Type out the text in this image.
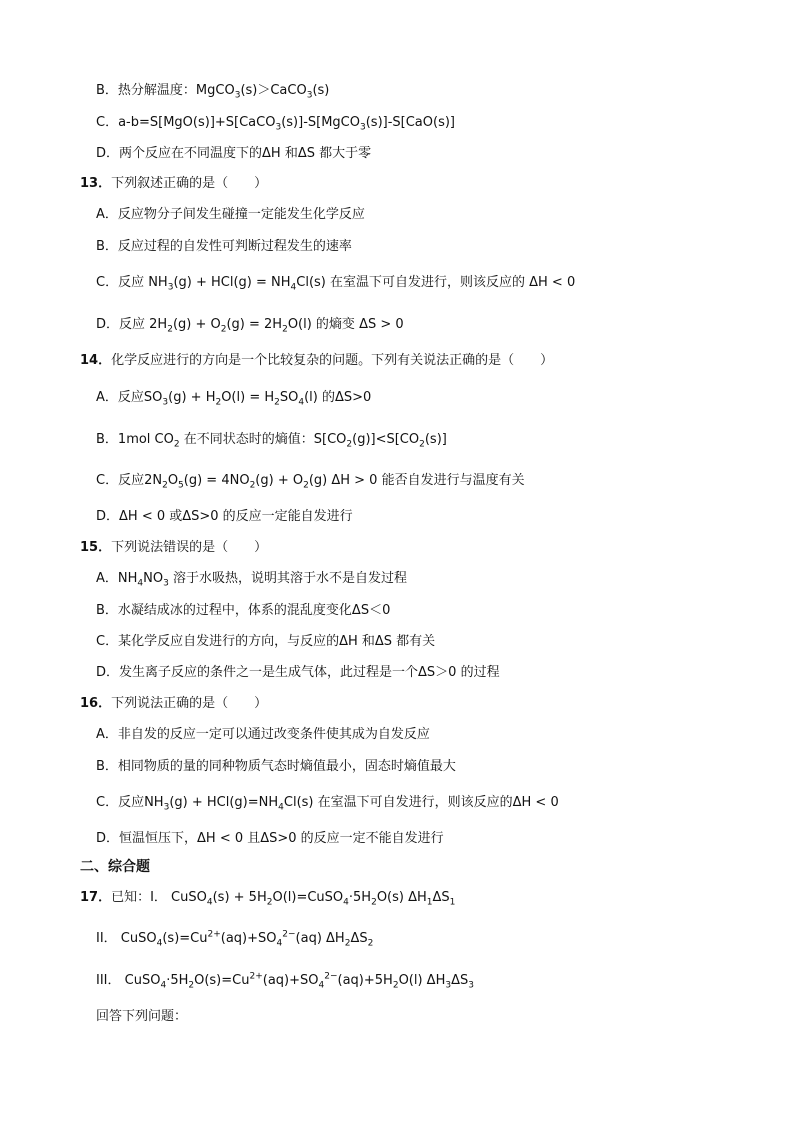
B．热分解温度：MgCO$_3$(s)＞CaCO$_3$(s)
C．a-b=S[MgO(s)]+S[CaCO$_3$(s)]-S[MgCO$_3$(s)]-S[CaO(s)]
D．两个反应在不同温度下的ΔH 和ΔS 都大于零
13．下列叙述正确的是（　　）
A．反应物分子间发生碰撞一定能发生化学反应
B．反应过程的自发性可判断过程发生的速率
C．反应 $NH_3(g) + HCl(g) = NH_4Cl(s)$ 在室温下可自发进行，则该反应的 ΔH < 0
D．反应 $2H_2(g) + O_2(g) = 2H_2O(l)$ 的熵变 ΔS > 0
14．化学反应进行的方向是一个比较复杂的问题。下列有关说法正确的是（　　）
A．反应$SO_3(g) + H_2O(l) = H_2SO_4(l)$ 的ΔS>0
B．1mol $CO_2$ 在不同状态时的熵值：$S[CO_2(g)]<S[CO_2(s)]$
C．反应$2N_2O_5(g) = 4NO_2(g) + O_2(g) \Delta H > 0$ 能否自发进行与温度有关
D．ΔH < 0 或ΔS>0 的反应一定能自发进行
15．下列说法错误的是（　　）
A．$NH_4NO_3$ 溶于水吸热，说明其溶于水不是自发过程
B．水凝结成冰的过程中，体系的混乱度变化ΔS＜0
C．某化学反应自发进行的方向，与反应的ΔH 和ΔS 都有关
D．发生离子反应的条件之一是生成气体，此过程是一个ΔS＞0 的过程
16．下列说法正确的是（　　）
A．非自发的反应一定可以通过改变条件使其成为自发反应
B．相同物质的量的同种物质气态时熵值最小，固态时熵值最大
C．反应$NH_3(g) + HCl(g)=NH_4Cl(s)$ 在室温下可自发进行，则该反应的ΔH < 0
D．恒温恒压下，ΔH < 0 且ΔS>0 的反应一定不能自发进行
二、综合题
17．已知：I． CuSO$_4$(s) + $5H_2O(l)=CuSO_4\cdot 5H_2O(s)$ $\Delta H_1\Delta S_1$
II． $CuSO_4(s)=Cu^{2+}(aq)+SO_4^{2-}(aq)$ $\Delta H_2\Delta S_2$
III． $CuSO_4\cdot 5H_2O(s)=Cu^{2+}(aq)+SO_4^{2-}(aq)+5H_2O(l)$ $\Delta H_3\Delta S_3$
回答下列问题：
